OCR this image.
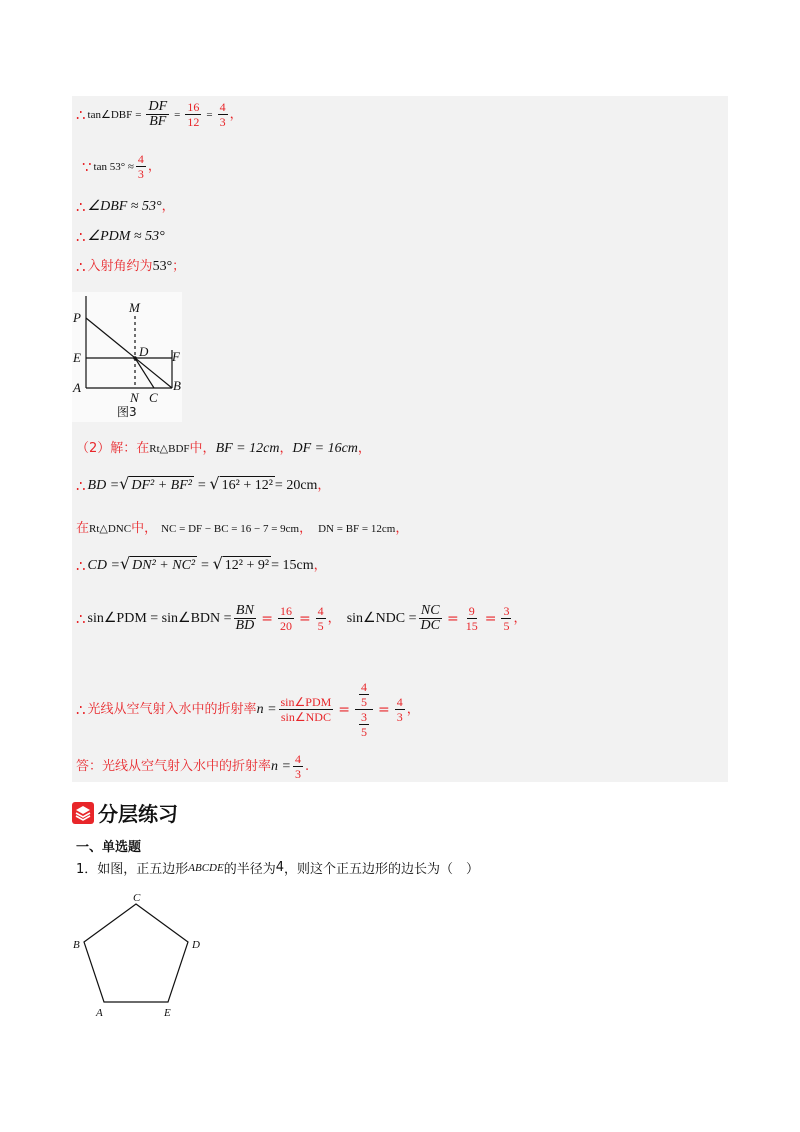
∴ tan∠DBF = $\frac{DF}{BF} = \frac{16}{12} = \frac{4}{3}$ ，
∵ $\tan 53^\circ \approx \frac{4}{3}$ ，
∴ ∠DBF ≈ 53° ，
∴ ∠PDM ≈ 53°
∴ 入射角约为 53° ；
P
M
E	D F
A
N C
B
图3
（2）解：在 Rt△BDF 中， BF = 12cm ， DF = 16cm ，
∴ BD = √ DF² + BF² = √ 16² + 12² = 20cm ，
在 Rt△DNC 中， NC = DF − BC = 16 − 7 = 9cm ， DN = BF = 12cm ，
∴ CD = √ DN² + NC² = √ 12² + 9² = 15cm ，
∴ sin∠PDM = sin∠BDN = $\frac{BN}{BD} = \frac{16}{20} = \frac{4}{5}$ ， sin∠NDC = $\frac{NC}{DC} = \frac{9}{15} = \frac{3}{5}$ ，
∴ 光线从空气射入水中的折射率 $n = \frac{\text{sin∠PDM}}{\text{sin∠NDC}} = \frac{\frac{4}{5}}{\frac{3}{5}} = \frac{4}{3}$ ，
答：光线从空气射入水中的折射率 $n = \frac{4}{3}$ .
分层练习
一、单选题
1．如图，正五边形 ABCDE 的半径为 4 ，则这个正五边形的边长为（　）
C
B	D
A	E
